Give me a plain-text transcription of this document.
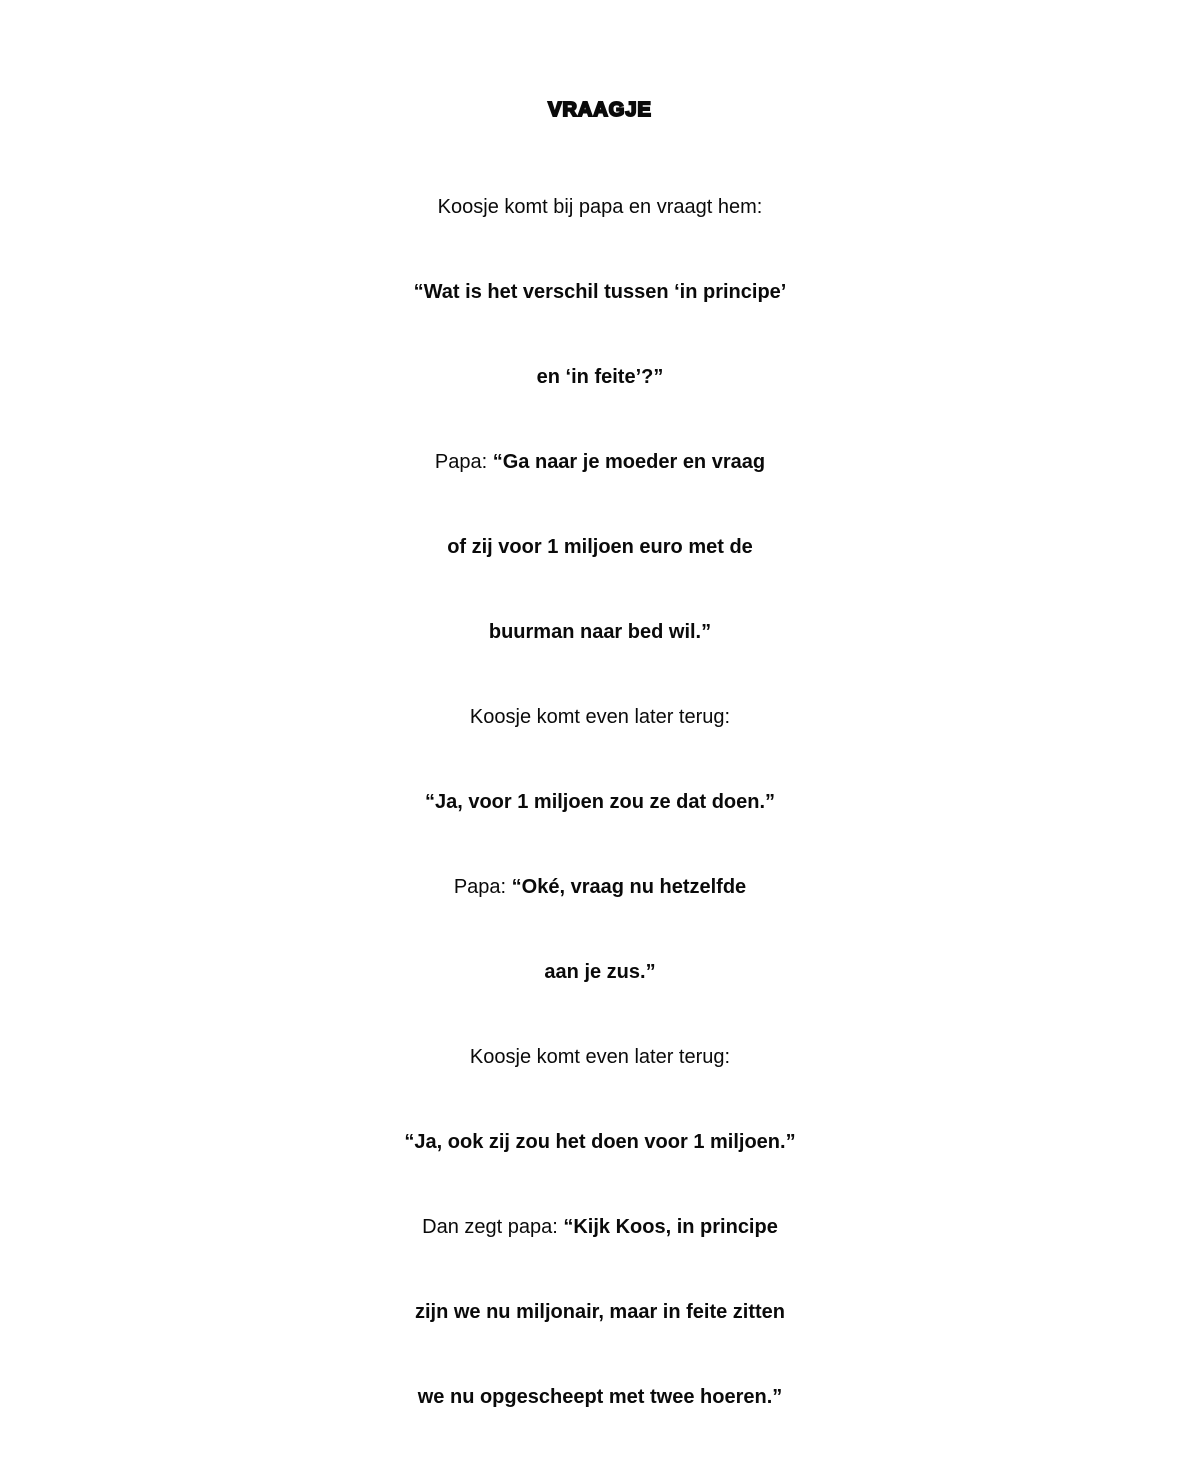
VRAAGJE

Koosje komt bij papa en vraagt hem:

“Wat is het verschil tussen ‘in principe’

en ‘in feite’?”

Papa: “Ga naar je moeder en vraag

of zij voor 1 miljoen euro met de

buurman naar bed wil.”

Koosje komt even later terug:

“Ja, voor 1 miljoen zou ze dat doen.”

Papa: “Oké, vraag nu hetzelfde

aan je zus.”

Koosje komt even later terug:

“Ja, ook zij zou het doen voor 1 miljoen.”

Dan zegt papa: “Kijk Koos, in principe

zijn we nu miljonair, maar in feite zitten

we nu opgescheept met twee hoeren.”
